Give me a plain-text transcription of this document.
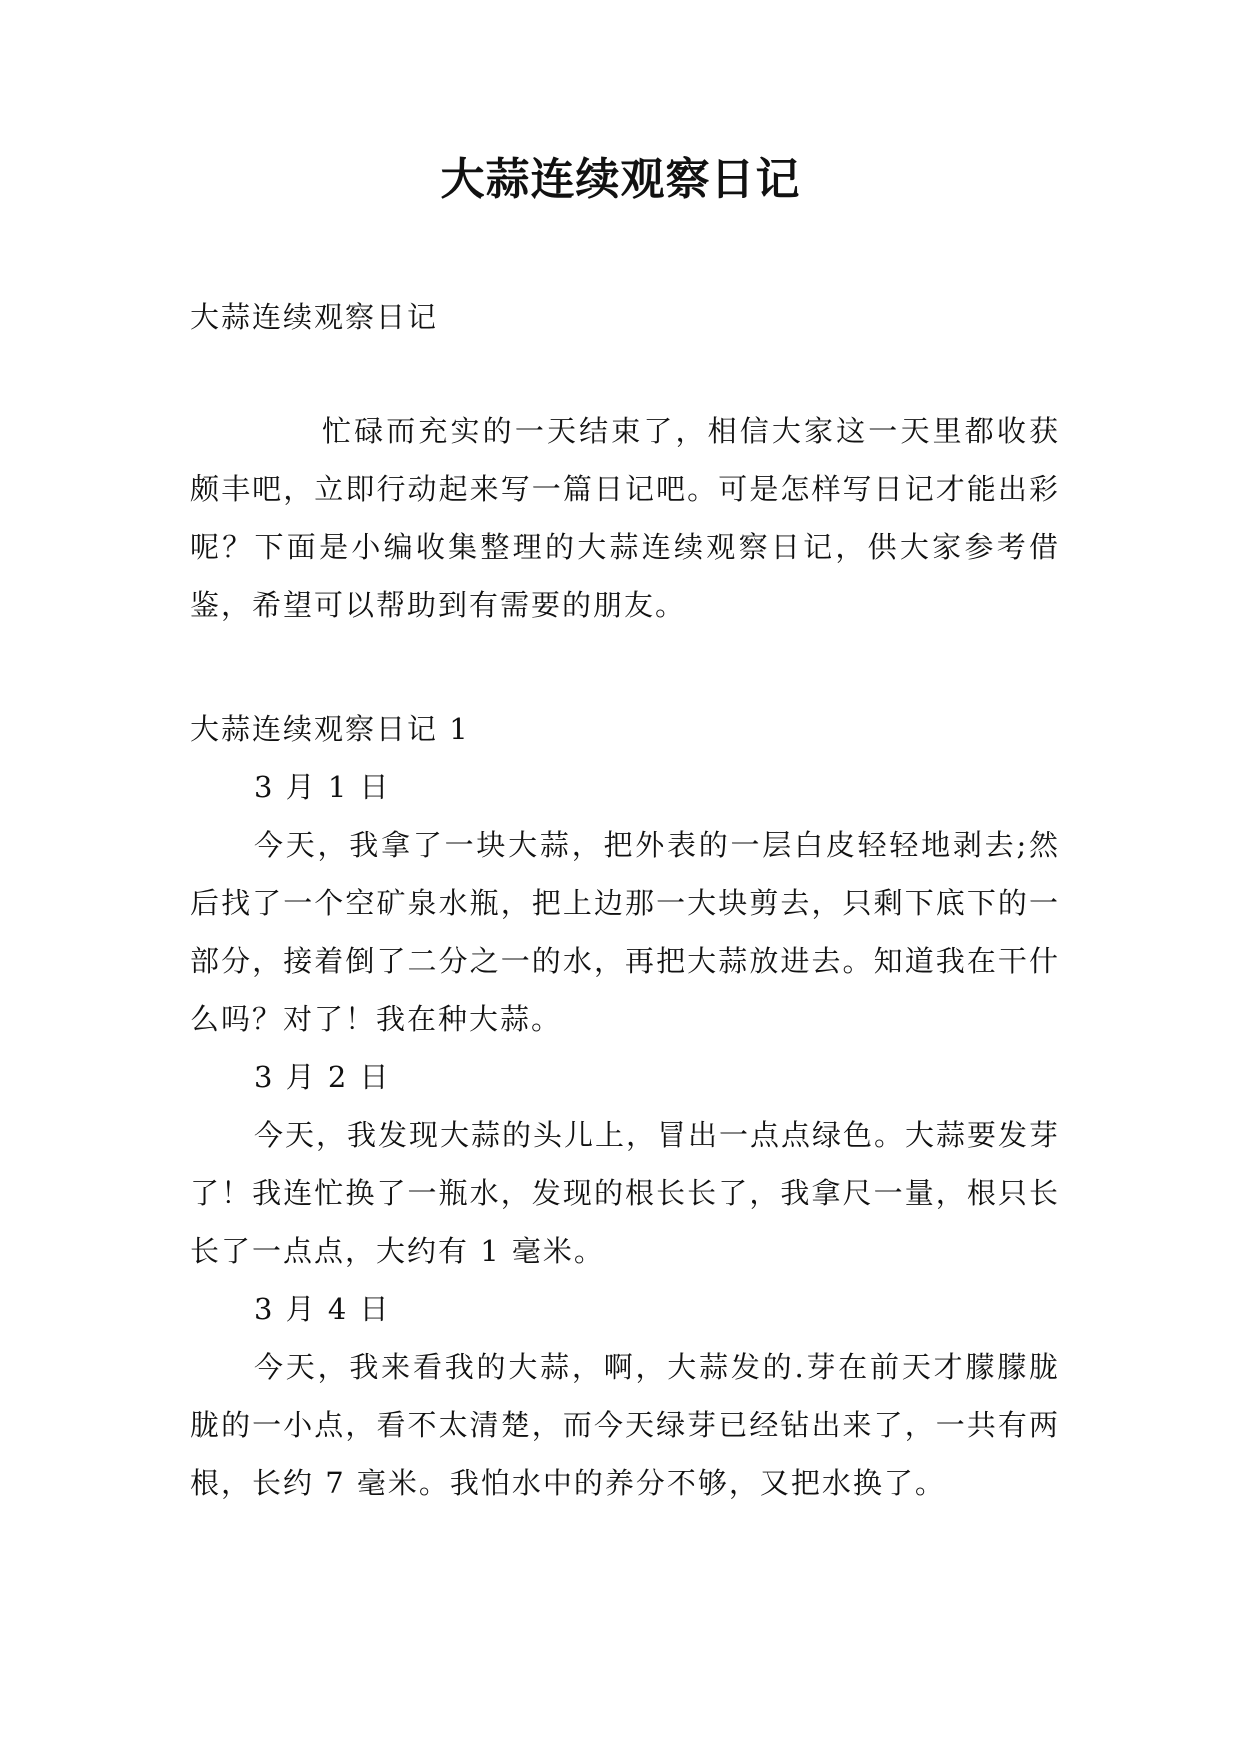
大蒜连续观察日记

大蒜连续观察日记

忙碌而充实的一天结束了，相信大家这一天里都收获颇丰吧，立即行动起来写一篇日记吧。可是怎样写日记才能出彩呢？下面是小编收集整理的大蒜连续观察日记，供大家参考借鉴，希望可以帮助到有需要的朋友。

大蒜连续观察日记 1

3 月 1 日

今天，我拿了一块大蒜，把外表的一层白皮轻轻地剥去;然后找了一个空矿泉水瓶，把上边那一大块剪去，只剩下底下的一部分，接着倒了二分之一的水，再把大蒜放进去。知道我在干什么吗？对了！我在种大蒜。

3 月 2 日

今天，我发现大蒜的头儿上，冒出一点点绿色。大蒜要发芽了！我连忙换了一瓶水，发现的根长长了，我拿尺一量，根只长长了一点点，大约有 1 毫米。

3 月 4 日

今天，我来看我的大蒜，啊，大蒜发的.芽在前天才朦朦胧胧的一小点，看不太清楚，而今天绿芽已经钻出来了，一共有两根，长约 7 毫米。我怕水中的养分不够，又把水换了。
